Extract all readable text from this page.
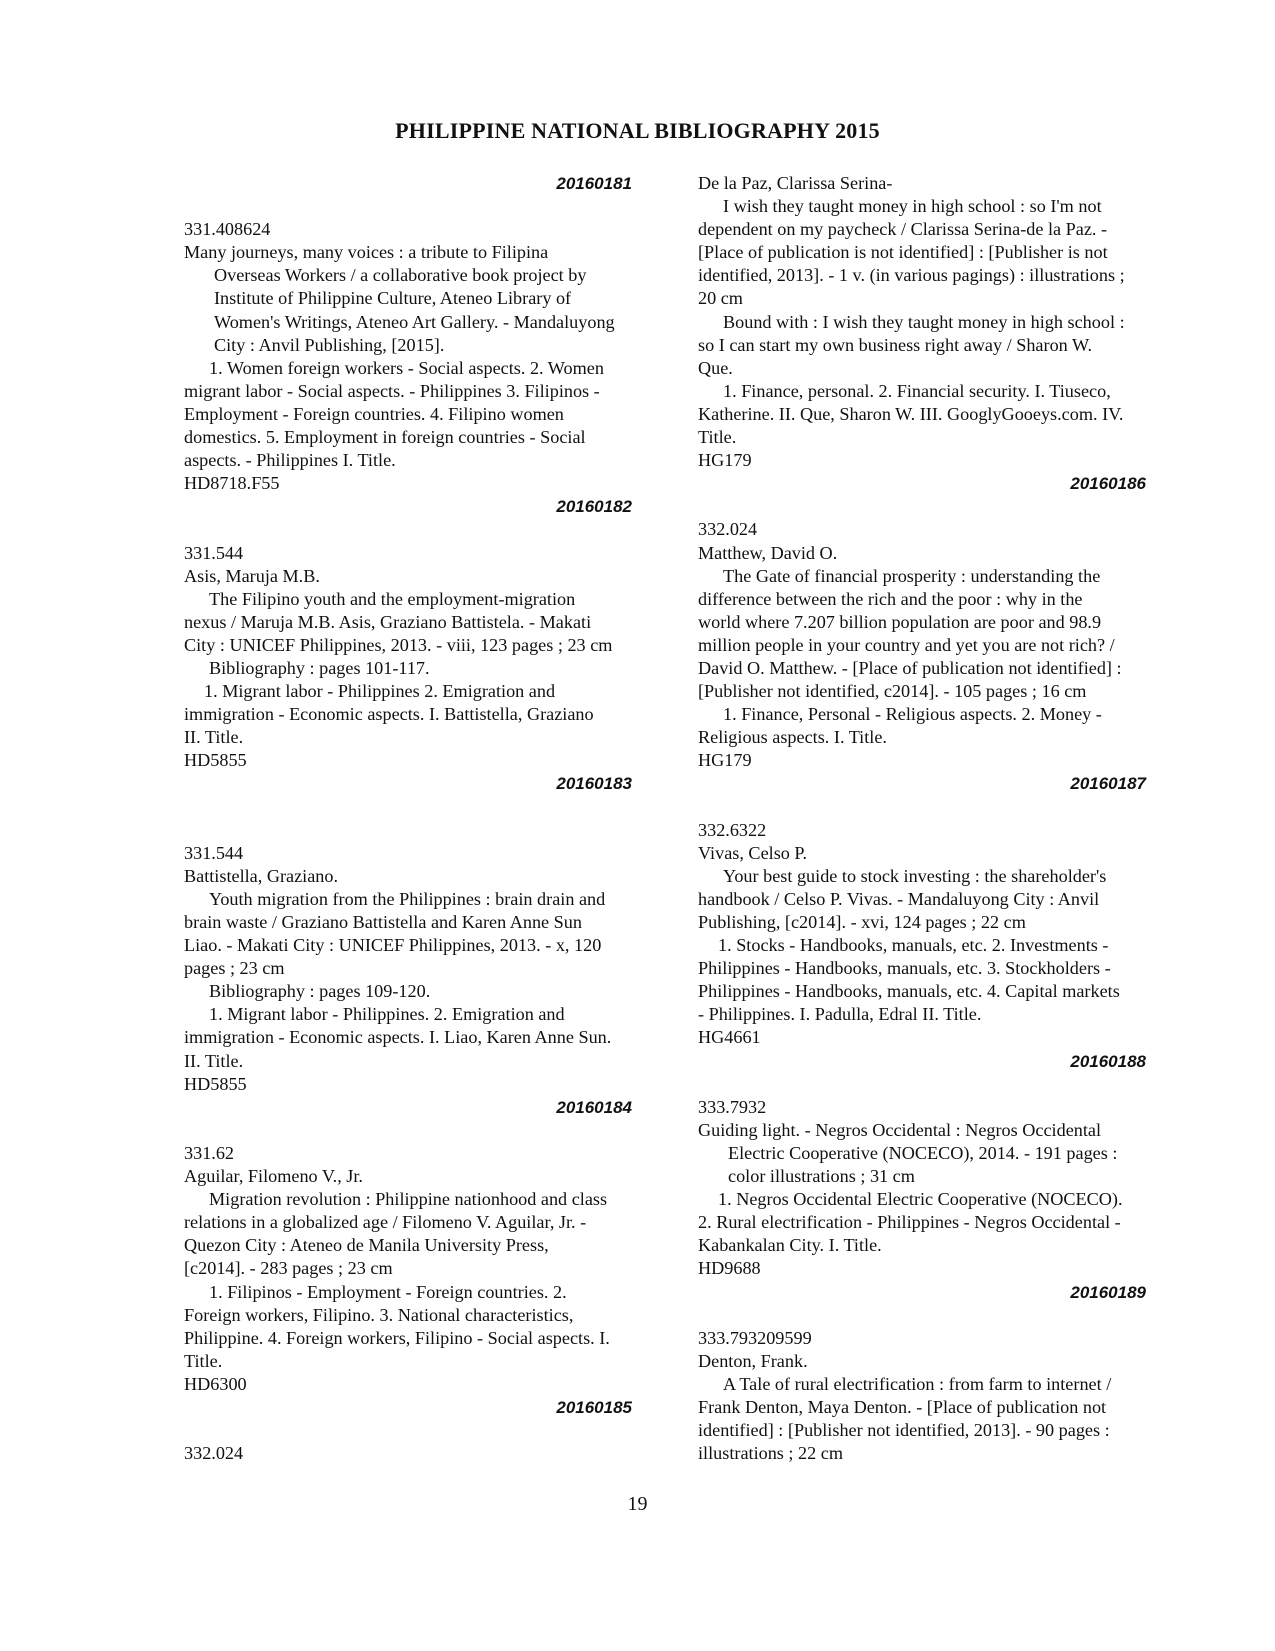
PHILIPPINE NATIONAL BIBLIOGRAPHY 2015
20160181
331.408624
Many journeys, many voices : a tribute to Filipina
Overseas Workers / a collaborative book project by
Institute of Philippine Culture, Ateneo Library of
Women's Writings, Ateneo Art Gallery. - Mandaluyong
City : Anvil Publishing, [2015].
1. Women foreign workers - Social aspects. 2. Women
migrant labor - Social aspects. - Philippines 3. Filipinos -
Employment - Foreign countries. 4. Filipino women
domestics. 5. Employment in foreign countries - Social
aspects. - Philippines I. Title.
HD8718.F55
20160182
331.544
Asis, Maruja M.B.
The Filipino youth and the employment-migration
nexus / Maruja M.B. Asis, Graziano Battistela. - Makati
City : UNICEF Philippines, 2013. - viii, 123 pages ; 23 cm
Bibliography : pages 101-117.
1. Migrant labor - Philippines 2. Emigration and
immigration - Economic aspects. I. Battistella, Graziano
II. Title.
HD5855
20160183
331.544
Battistella, Graziano.
Youth migration from the Philippines : brain drain and
brain waste / Graziano Battistella and Karen Anne Sun
Liao. - Makati City : UNICEF Philippines, 2013. - x, 120
pages ; 23 cm
Bibliography : pages 109-120.
1. Migrant labor - Philippines. 2. Emigration and
immigration - Economic aspects. I. Liao, Karen Anne Sun.
II. Title.
HD5855
20160184
331.62
Aguilar, Filomeno V., Jr.
Migration revolution : Philippine nationhood and class
relations in a globalized age / Filomeno V. Aguilar, Jr. -
Quezon City : Ateneo de Manila University Press,
[c2014]. - 283 pages ; 23 cm
1. Filipinos - Employment - Foreign countries. 2.
Foreign workers, Filipino. 3. National characteristics,
Philippine. 4. Foreign workers, Filipino - Social aspects. I.
Title.
HD6300
20160185
332.024
De la Paz, Clarissa Serina-
I wish they taught money in high school : so I'm not
dependent on my paycheck / Clarissa Serina-de la Paz. -
[Place of publication is not identified] : [Publisher is not
identified, 2013]. - 1 v. (in various pagings) : illustrations ;
20 cm
Bound with : I wish they taught money in high school :
so I can start my own business right away / Sharon W.
Que.
1. Finance, personal. 2. Financial security. I. Tiuseco,
Katherine. II. Que, Sharon W. III. GooglyGooeys.com. IV.
Title.
HG179
20160186
332.024
Matthew, David O.
The Gate of financial prosperity : understanding the
difference between the rich and the poor : why in the
world where 7.207 billion population are poor and 98.9
million people in your country and yet you are not rich? /
David O. Matthew. - [Place of publication not identified] :
[Publisher not identified, c2014]. - 105 pages ; 16 cm
1. Finance, Personal - Religious aspects. 2. Money -
Religious aspects. I. Title.
HG179
20160187
332.6322
Vivas, Celso P.
Your best guide to stock investing : the shareholder's
handbook / Celso P. Vivas. - Mandaluyong City : Anvil
Publishing, [c2014]. - xvi, 124 pages ; 22 cm
1. Stocks - Handbooks, manuals, etc. 2. Investments -
Philippines - Handbooks, manuals, etc. 3. Stockholders -
Philippines - Handbooks, manuals, etc. 4. Capital markets
- Philippines. I. Padulla, Edral II. Title.
HG4661
20160188
333.7932
Guiding light. - Negros Occidental : Negros Occidental
Electric Cooperative (NOCECO), 2014. - 191 pages :
color illustrations ; 31 cm
1. Negros Occidental Electric Cooperative (NOCECO).
2. Rural electrification - Philippines - Negros Occidental -
Kabankalan City. I. Title.
HD9688
20160189
333.793209599
Denton, Frank.
A Tale of rural electrification : from farm to internet /
Frank Denton, Maya Denton. - [Place of publication not
identified] : [Publisher not identified, 2013]. - 90 pages :
illustrations ; 22 cm
19
